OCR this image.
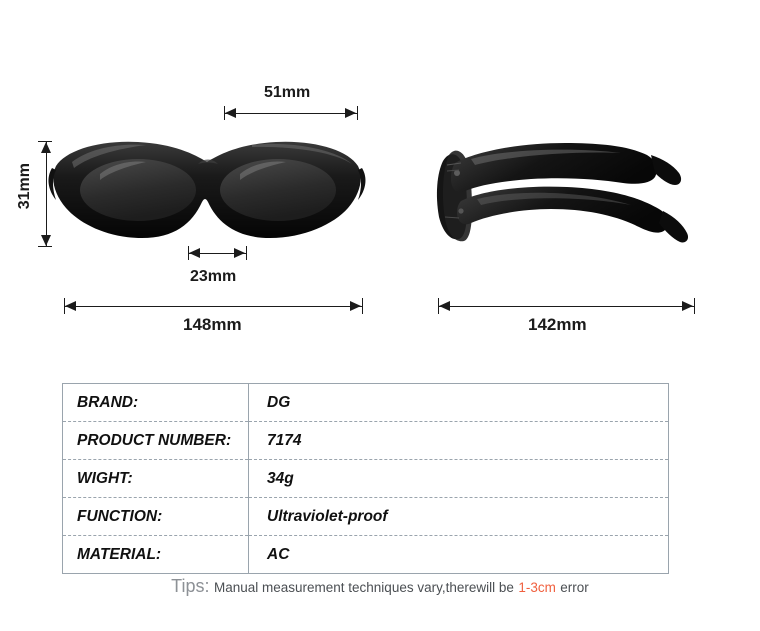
51mm
31mm
23mm
148mm	142mm
BRAND:	DG
PRODUCT NUMBER:	7174
WIGHT:	34g
FUNCTION:	Ultraviolet-proof
MATERIAL:	AC
Tips: Manual measurement techniques vary,therewill be 1-3cm error
